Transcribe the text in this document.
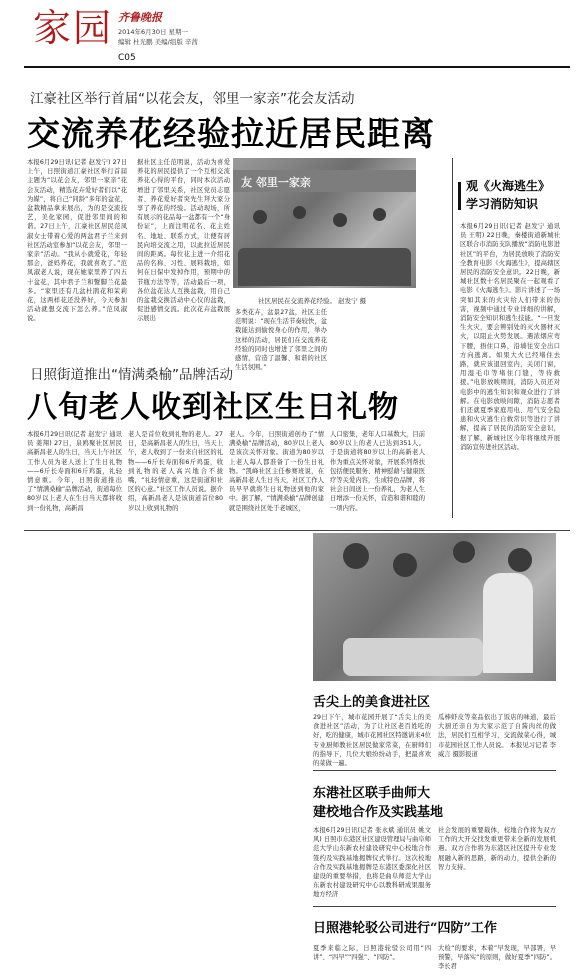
家园 齐鲁晚报
2014年6月30日 星期一
编辑 杜光鹏 美编/组版 辛茜
C05
江豪社区举行首届“以花会友，邻里一家亲”花会友活动
交流养花经验拉近居民距离
本报6月29日讯(记者 赵发宁) 27日上午，日照街道江豪社区举行首届主题为“以花会友，邻里一家亲”花会友活动，精选花卉爱好者们以“花为媒”，将自己“同龄”多年的盆花，盆栽精品拿来展出，为的是交流技艺，美化家园，促进邻里间的和谐。27日上午，江豪社区居民范凤淑女士带着心爱的两盆君子兰来到社区活动室参加“以花会友，邻里一家亲”活动。“我从小就爱花，年轻那会，爸妈养花，我就喜欢了。”范凤淑老人说，现在她家里养了四五十盆花，其中君子兰和蟹脚兰花最多。“家里还有几盆杜鹃花和茉莉花，这两样花还没养好，今天参加活动就想交流下怎么养。”范凤淑说。
据社区主任范明说，活动为喜爱养花的居民提供了一个互相交流养花心得的平台，同时本次活动增进了邻里关系，社区党员志愿者、养花爱好者突先生拜大家分享了养花的经验。活动现场，所有展示的花品每一盆都有一个“身份证”，上面注明花名、花主姓名、地址、联系方式，让便有居民向培交流之用，以此拉近居民间的距离。每位花主进一介绍花品的名称、习性、展料栽培，如何在日保中发掉作用，预期中的节瓶方法等等，活动最后一项，各位盆花达人互换盆栽，用自己的盆栽交换活动中心仪的盆栽，促进感情交流。此次花卉盆栽展示展出
友 邻里一家亲
社区居民在交流养花经验。 赵发宁 摄
多类花卉，盆景27盆，社区主任范明说：“现在生活节奏较快，盆栽能达到愉悦身心的作用，举办这样的活动，居民们在交流养花经验的同时也增进了邻里之间的感情，营造了温馨、和谐的社区生活氛围。”
观《火海逃生》
学习消防知识
本报6月29日讯(记者 赵发宁 通讯员 王明) 22日晚，秦楼街道新城社区联合市消防支队播放“消防电影进社区”的平台，为居民放映了消防安全教育电影《火海逃生》，提高辖区居民的消防安全意识。22日晚，新城社区数十名居民聚在一起观看了电影《火海逃生》。影片讲述了一场突如其来的火灾给人们带来的伤害，视频中通过专业详细的讲解，消防安全知识和逃生技能。“一旦发生火灾，要会辨别处的灭火器材灭火，以阻止火势发展。遇浓烟应弯下腰，捂住口鼻，沿墙往安全出口方向逃离。如果大火已经堵住去路，就应该退回室内，关闭门窗，用湿毛巾等堵住门缝，等待救援。”电影放映期间，消防人员还对电影中的逃生知识和观众进行了讲解。在电影放映间隙，消防志愿者们还就夏季家庭用电、用气安全隐患和火灾逃生自救常识等进行了讲解，提高了居民的消防安全意识，据了解，新城社区今年将继续开展消防宣传进社区活动。
日照街道推出“情满桑榆”品牌活动
八旬老人收到社区生日礼物
本报6月29日讯(记者 赵发宁 通讯员 姜翔) 27日，泉鸥聚社区居民高新昌老人的生日，当天上午社区工作人员为老人送上了生日礼物——6斤长寿面和6斤鸡蛋，礼轻情意重。今年，日照街道推出了“情满桑榆”品牌活动，街道每位80岁以上老人在生日当天都将收到一份礼物，高新昌
老人是首位收到礼物的老人。27日，是高新昌老人的生日，当天上午，老人收到了一份来自社区的礼物——6斤长寿面和6斤鸡蛋，收到礼物的老人高兴地合不拢嘴，“礼轻情意重，这是街道和社区的心意。”社区工作人员说。据介绍，高新昌老人是该街道首位80岁以上收到礼物的
老人。今年，日照街道创办了“情满桑榆”品牌活动，80岁以上老人是该次关怀对象。街道为80岁以上老人每人都准备了一份生日礼物。“凯峰社区主任参赛班说，在高新昌老人生日当天，社区工作人员早早就将生日礼物送到他的家中。据了解，“情满桑榆”品牌创建就是围绕社区处于老城区，
人口密集，老年人口基数大，目前80岁以上的老人已达到351人。于是街道将80岁以上的高新老人作为重点关怀对象，开展系列帮扶包括便民服务、精神慰藉与健康医疗等关爱内容，生成特色品牌，将社会日间送上一份养礼，为老人生日增添一份关怀，营造和谐和睦的一项内容。
舌尖上的美食进社区
29日下午，城市花园开展了“舌尖上的美食进社区”活动，为了让社区老百姓吃的好，吃的健康，城市花园社区特邀请来4位专业厨师教社区居民做家常菜，在厨师们的指导下，几位大娘纷纷动手，把最喜欢的菜做一遍。
瓜棒虾皮等菜品依出了饭店的味道，最后大厨还亲自为大家示范了自酱肉丝的做法，居民们互相学习，交流做菜心得，城市花园社区工作人员说。 本报见习记者 李威言 摄影报道
东港社区联手曲师大
建校地合作及实践基地
本报6月29日讯(记者 张永斌 通讯员 姚文风) 日照市东港区社区建设管理局与曲阜师范大学山东新农村建设研究中心校地合作签约及实践基地揭牌仪式举行。这次校地合作及实践基地揭牌是东港区委深化社区建设的重要举措，也将是曲阜师范大学山东新农村建设研究中心以教科研成果服务地方经济
社会发展的重要载体，校地合作将为双方工作的大开交找发重更带来全新的发展机遇。双方合作将为东港区社区提升专业发展融入新的思路，新的动力，提供全新的智力支持。
日照港轮驳公司进行“四防”工作
夏季来临之际，日照港轮驳公司用“四讲”、“四早”“四强”、“四防”。
大检“的要求，本着”早发现，早部署，早预警，早落实“的原则，做好夏季“四防”。 李长君
